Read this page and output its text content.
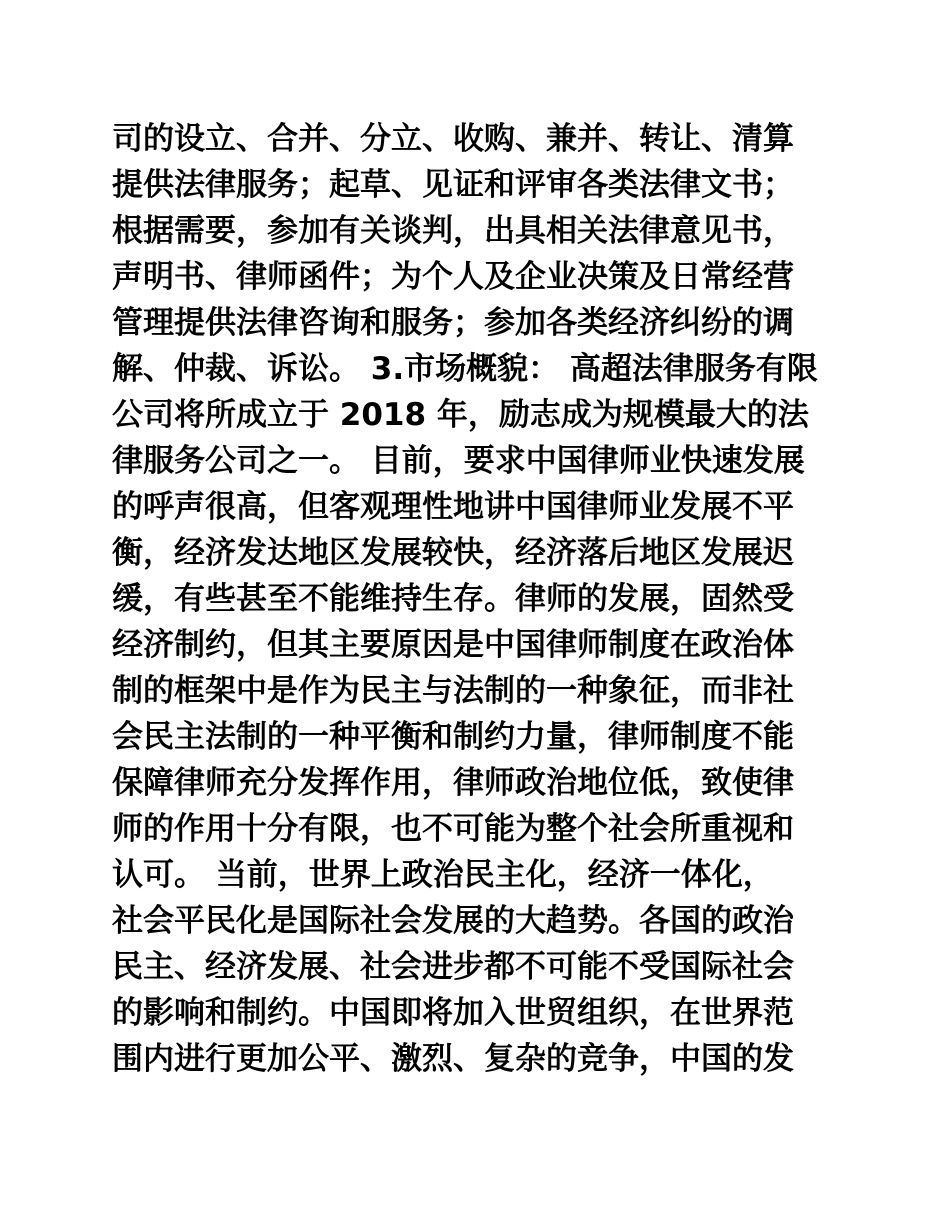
司的设立、合并、分立、收购、兼并、转让、清算
提供法律服务；起草、见证和评审各类法律文书；
根据需要，参加有关谈判，出具相关法律意见书，
声明书、律师函件；为个人及企业决策及日常经营
管理提供法律咨询和服务；参加各类经济纠纷的调
解、仲裁、诉讼。 3.市场概貌： 高超法律服务有限
公司将所成立于 2018 年，励志成为规模最大的法
律服务公司之一。 目前，要求中国律师业快速发展
的呼声很高，但客观理性地讲中国律师业发展不平
衡，经济发达地区发展较快，经济落后地区发展迟
缓，有些甚至不能维持生存。律师的发展，固然受
经济制约，但其主要原因是中国律师制度在政治体
制的框架中是作为民主与法制的一种象征，而非社
会民主法制的一种平衡和制约力量，律师制度不能
保障律师充分发挥作用，律师政治地位低，致使律
师的作用十分有限，也不可能为整个社会所重视和
认可。 当前，世界上政治民主化，经济一体化，
社会平民化是国际社会发展的大趋势。各国的政治
民主、经济发展、社会进步都不可能不受国际社会
的影响和制约。中国即将加入世贸组织，在世界范
围内进行更加公平、激烈、复杂的竞争，中国的发
